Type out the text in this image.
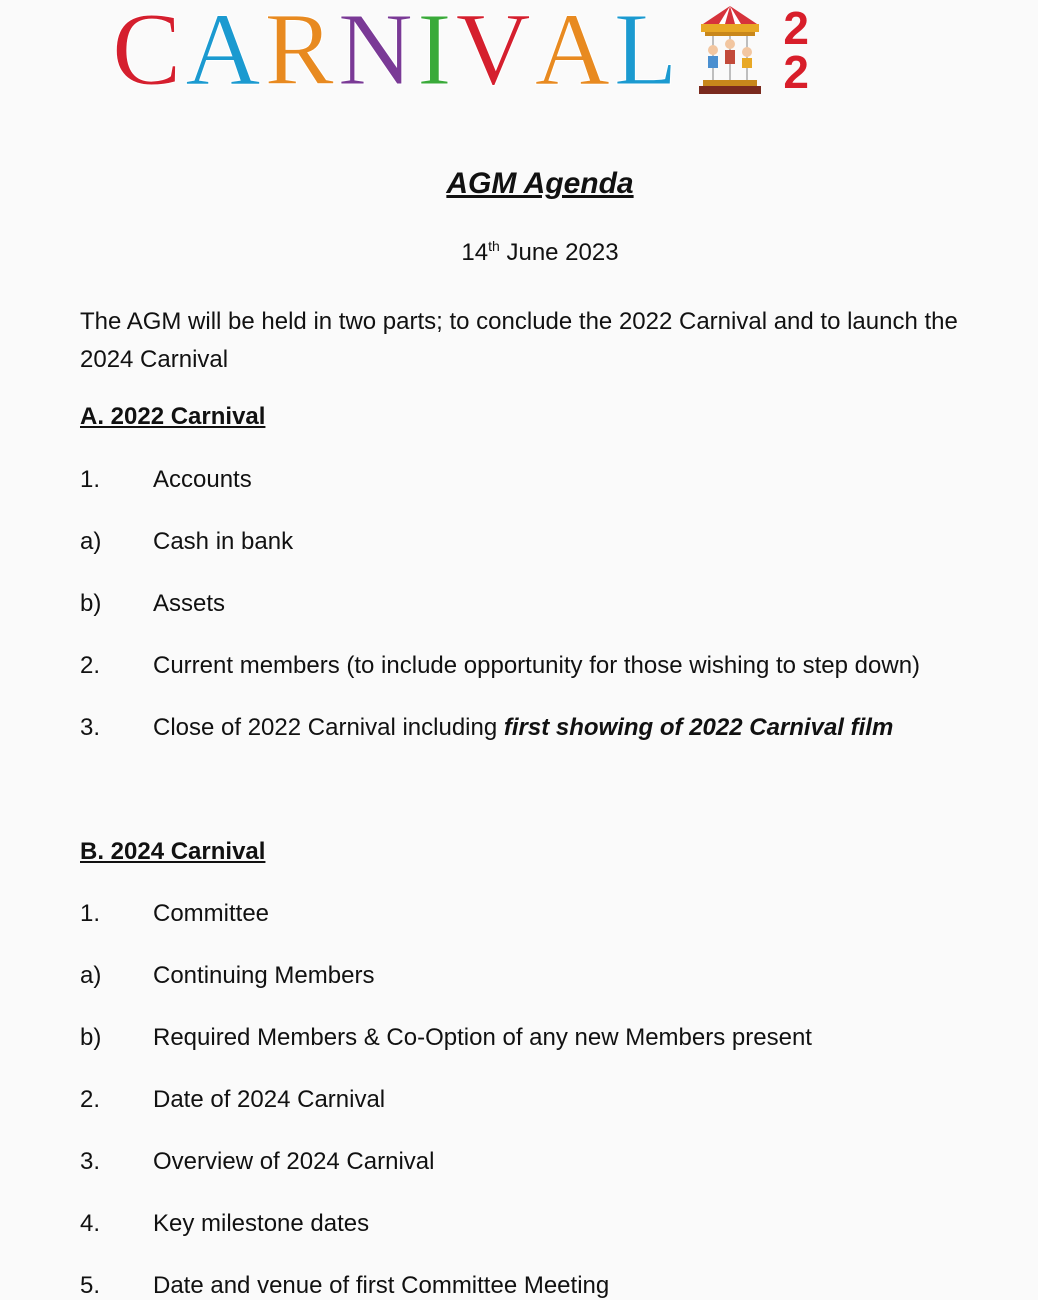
C A R N I V A L 2
2
AGM Agenda
14th June 2023
The AGM will be held in two parts; to conclude the 2022 Carnival and to launch the 2024 Carnival
A. 2022 Carnival
1. Accounts
a) Cash in bank
b) Assets
2. Current members (to include opportunity for those wishing to step down)
3. Close of 2022 Carnival including first showing of 2022 Carnival film
B. 2024 Carnival
1. Committee
a) Continuing Members
b) Required Members & Co-Option of any new Members present
2. Date of 2024 Carnival
3. Overview of 2024 Carnival
4. Key milestone dates
5. Date and venue of first Committee Meeting
